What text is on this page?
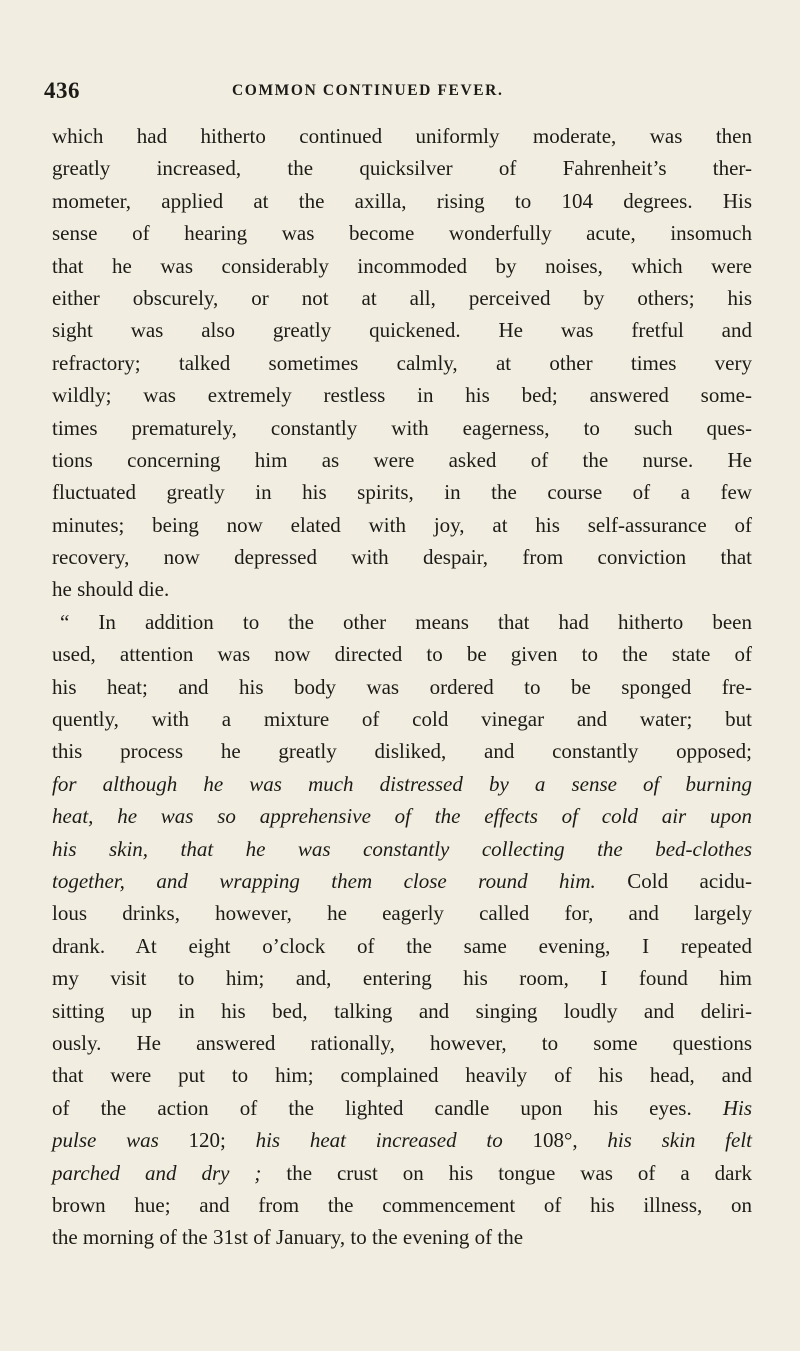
436	COMMON CONTINUED FEVER.
which had hitherto continued uniformly moderate, was then
greatly increased, the quicksilver of Fahrenheit’s ther-
mometer, applied at the axilla, rising to 104 degrees. His
sense of hearing was become wonderfully acute, insomuch
that he was considerably incommoded by noises, which were
either obscurely, or not at all, perceived by others; his
sight was also greatly quickened. He was fretful and
refractory; talked sometimes calmly, at other times very
wildly; was extremely restless in his bed; answered some-
times prematurely, constantly with eagerness, to such ques-
tions concerning him as were asked of the nurse. He
fluctuated greatly in his spirits, in the course of a few
minutes; being now elated with joy, at his self-assurance of
recovery, now depressed with despair, from conviction that
he should die.
“ In addition to the other means that had hitherto been
used, attention was now directed to be given to the state of
his heat; and his body was ordered to be sponged fre-
quently, with a mixture of cold vinegar and water; but
this process he greatly disliked, and constantly opposed;
for although he was much distressed by a sense of burning
heat, he was so apprehensive of the effects of cold air upon
his skin, that he was constantly collecting the bed-clothes
together, and wrapping them close round him. Cold acidu-
lous drinks, however, he eagerly called for, and largely
drank. At eight o’clock of the same evening, I repeated
my visit to him; and, entering his room, I found him
sitting up in his bed, talking and singing loudly and deliri-
ously. He answered rationally, however, to some questions
that were put to him; complained heavily of his head, and
of the action of the lighted candle upon his eyes. His
pulse was 120; his heat increased to 108°, his skin felt
parched and dry ; the crust on his tongue was of a dark
brown hue; and from the commencement of his illness, on
the morning of the 31st of January, to the evening of the
